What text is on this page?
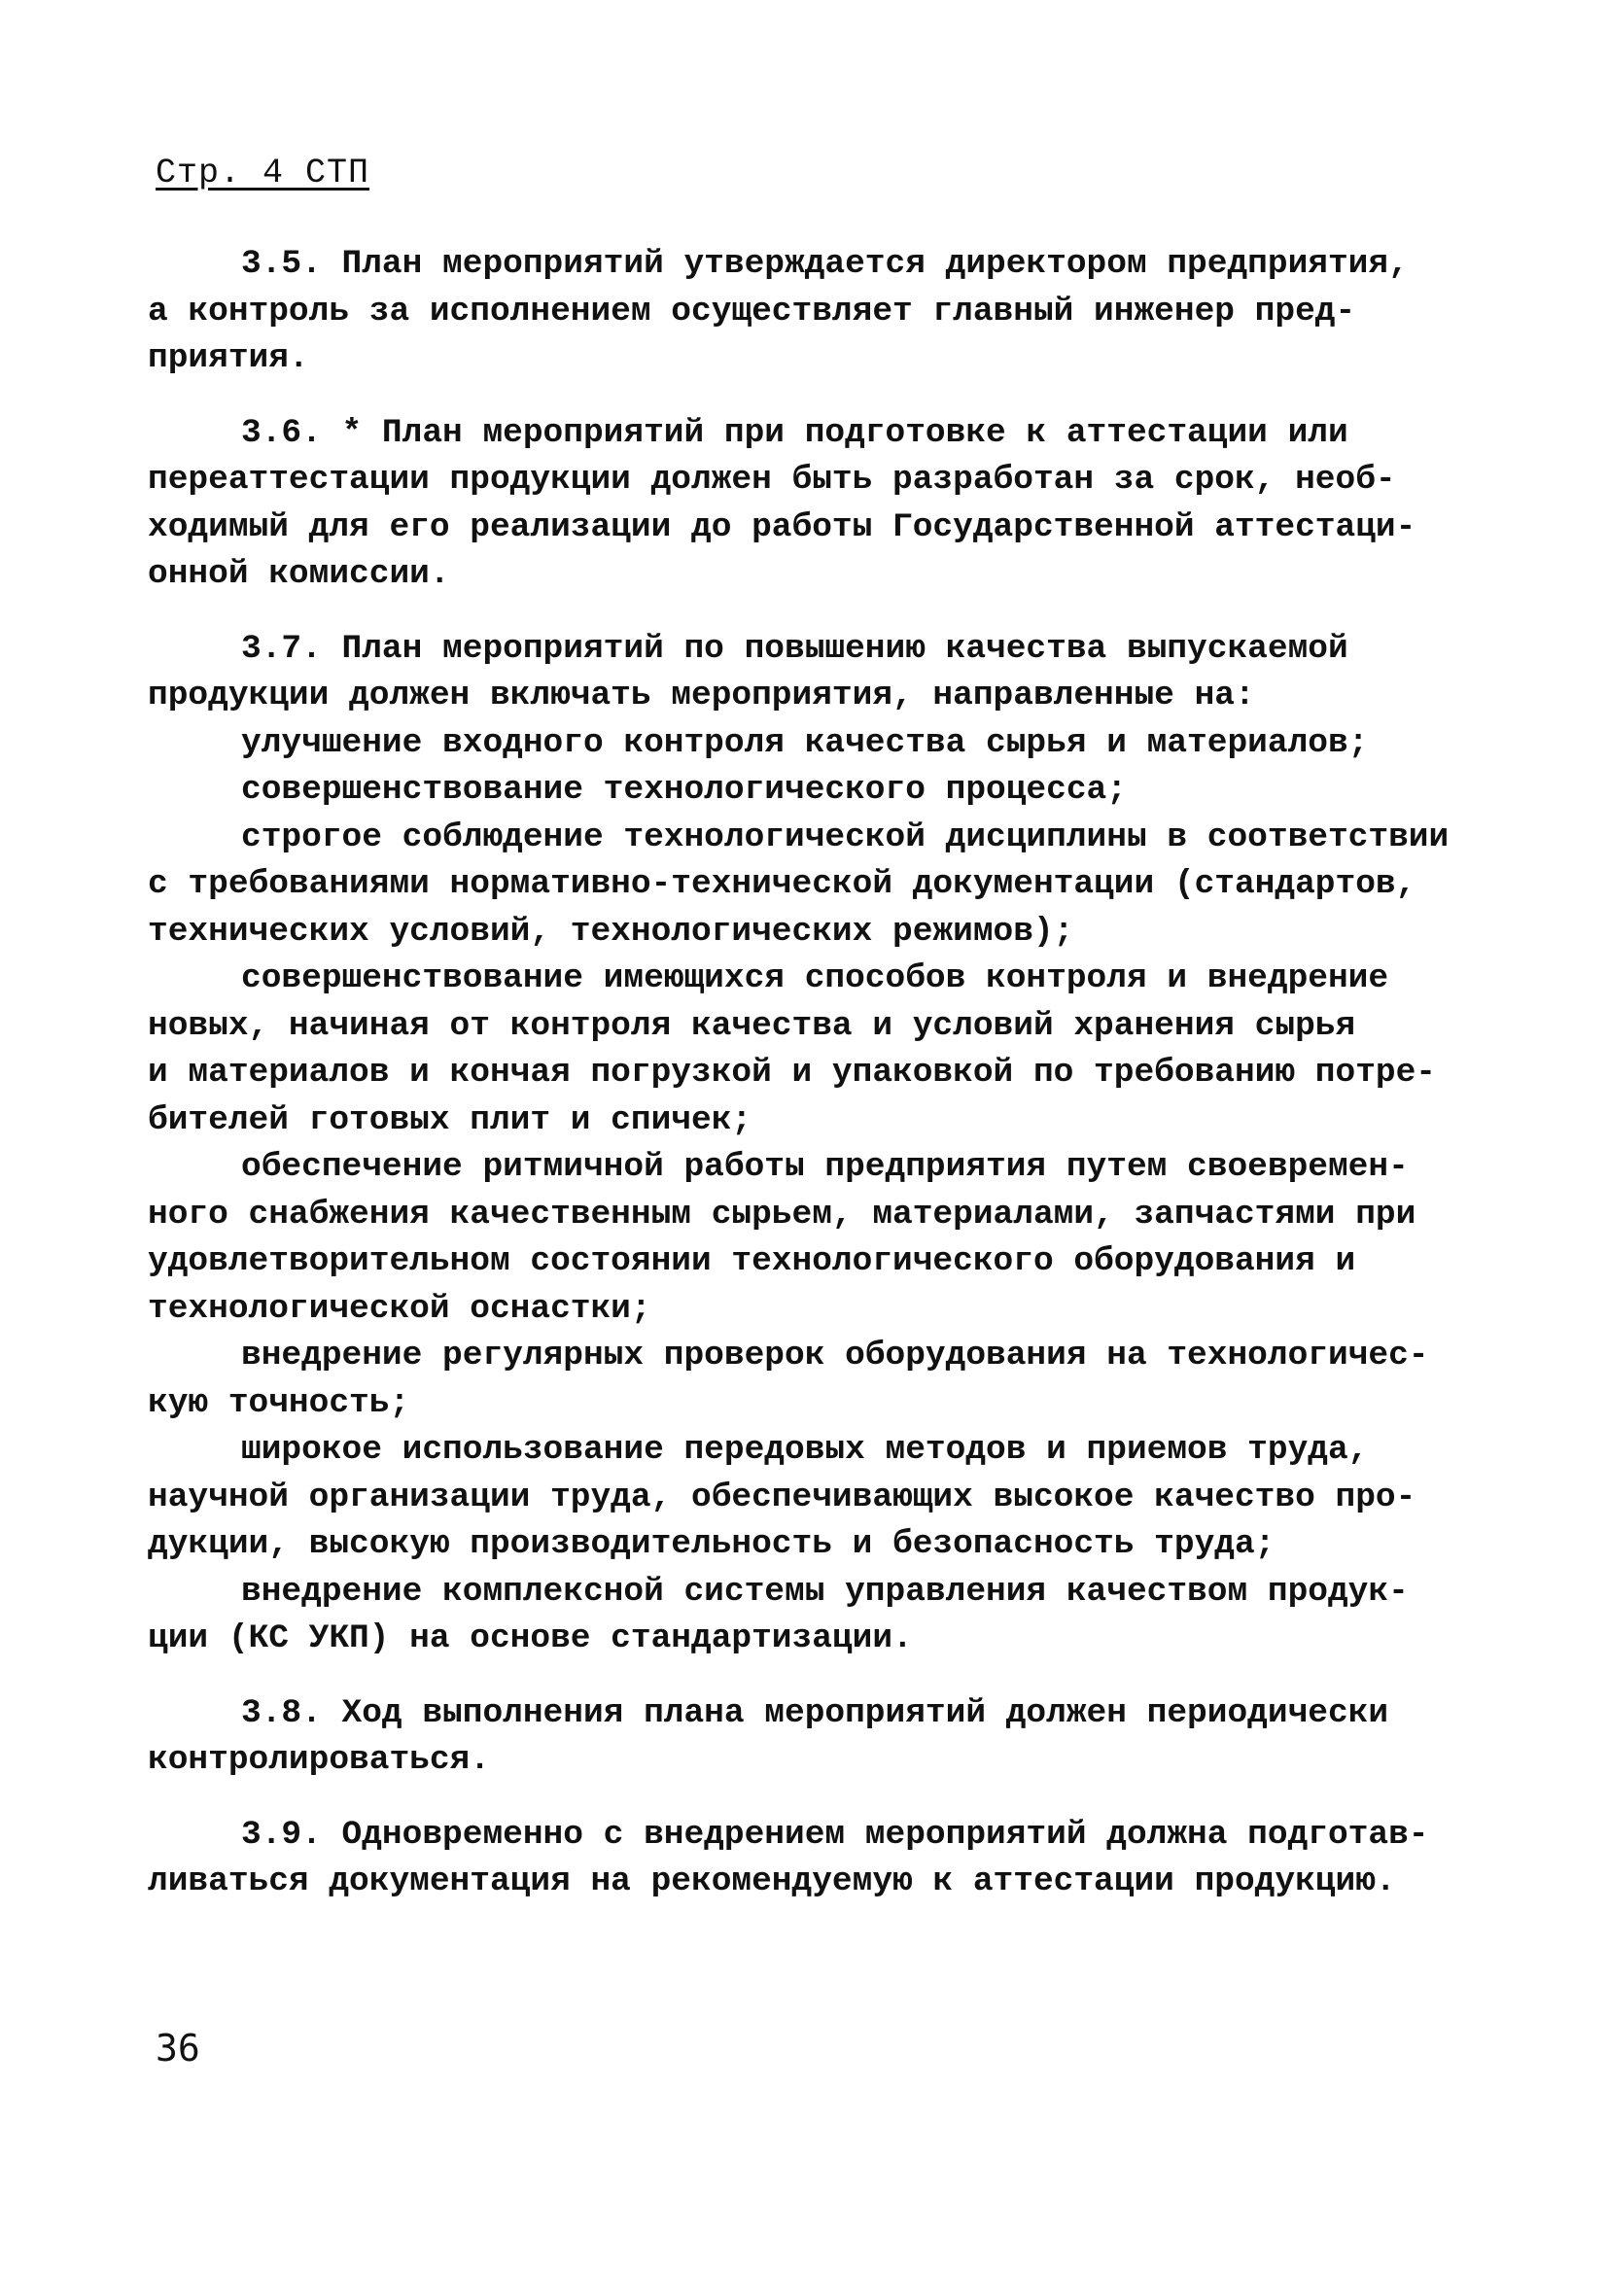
Стр. 4 СТП
3.5. План мероприятий утверждается директором предприятия,
а контроль за исполнением осуществляет главный инженер пред-
приятия.
3.6. * План мероприятий при подготовке к аттестации или
переаттестации продукции должен быть разработан за срок, необ-
ходимый для его реализации до работы Государственной аттестаци-
онной комиссии.
3.7. План мероприятий по повышению качества выпускаемой
продукции должен включать мероприятия, направленные на:
улучшение входного контроля качества сырья и материалов;
совершенствование технологического процесса;
строгое соблюдение технологической дисциплины в соответствии
с требованиями нормативно-технической документации (стандартов,
технических условий, технологических режимов);
совершенствование имеющихся способов контроля и внедрение
новых, начиная от контроля качества и условий хранения сырья
и материалов и кончая погрузкой и упаковкой по требованию потре-
бителей готовых плит и спичек;
обеспечение ритмичной работы предприятия путем своевремен-
ного снабжения качественным сырьем, материалами, запчастями при
удовлетворительном состоянии технологического оборудования и
технологической оснастки;
внедрение регулярных проверок оборудования на технологичес-
кую точность;
широкое использование передовых методов и приемов труда,
научной организации труда, обеспечивающих высокое качество про-
дукции, высокую производительность и безопасность труда;
внедрение комплексной системы управления качеством продук-
ции (КС УКП) на основе стандартизации.
3.8. Ход выполнения плана мероприятий должен периодически
контролироваться.
3.9. Одновременно с внедрением мероприятий должна подготав-
ливаться документация на рекомендуемую к аттестации продукцию.
36
